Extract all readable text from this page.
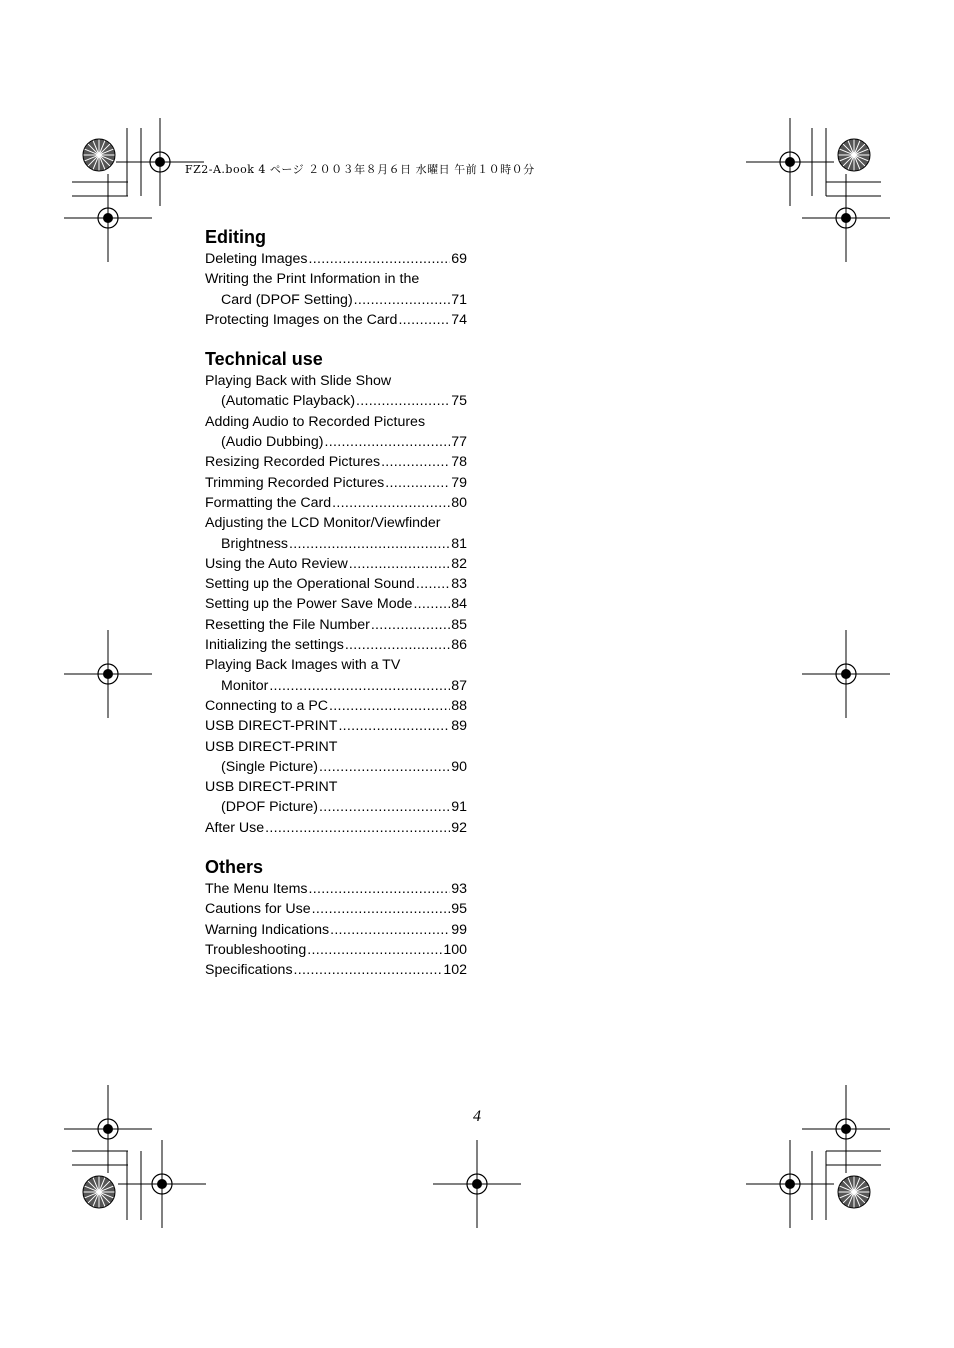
FZ2-A.book 4 ページ ２００３年８月６日 水曜日 午前１０時０分
Editing
Deleting Images .....	69
Writing the Print Information in the
Card (DPOF Setting) .....	71
Protecting Images on the Card .....	74
Technical use
Playing Back with Slide Show
(Automatic Playback) .....	75
Adding Audio to Recorded Pictures
(Audio Dubbing) .....	77
Resizing Recorded Pictures .....	78
Trimming Recorded Pictures .....	79
Formatting the Card .....	80
Adjusting the LCD Monitor/Viewfinder
Brightness .....	81
Using the Auto Review .....	82
Setting up the Operational Sound .....	83
Setting up the Power Save Mode .....	84
Resetting the File Number .....	85
Initializing the settings .....	86
Playing Back Images with a TV
Monitor .....	87
Connecting to a PC .....	88
USB DIRECT-PRINT .....	89
USB DIRECT-PRINT
(Single Picture) .....	90
USB DIRECT-PRINT
(DPOF Picture) .....	91
After Use .....	92
Others
The Menu Items .....	93
Cautions for Use .....	95
Warning Indications .....	99
Troubleshooting .....	100
Specifications .....	102
4
